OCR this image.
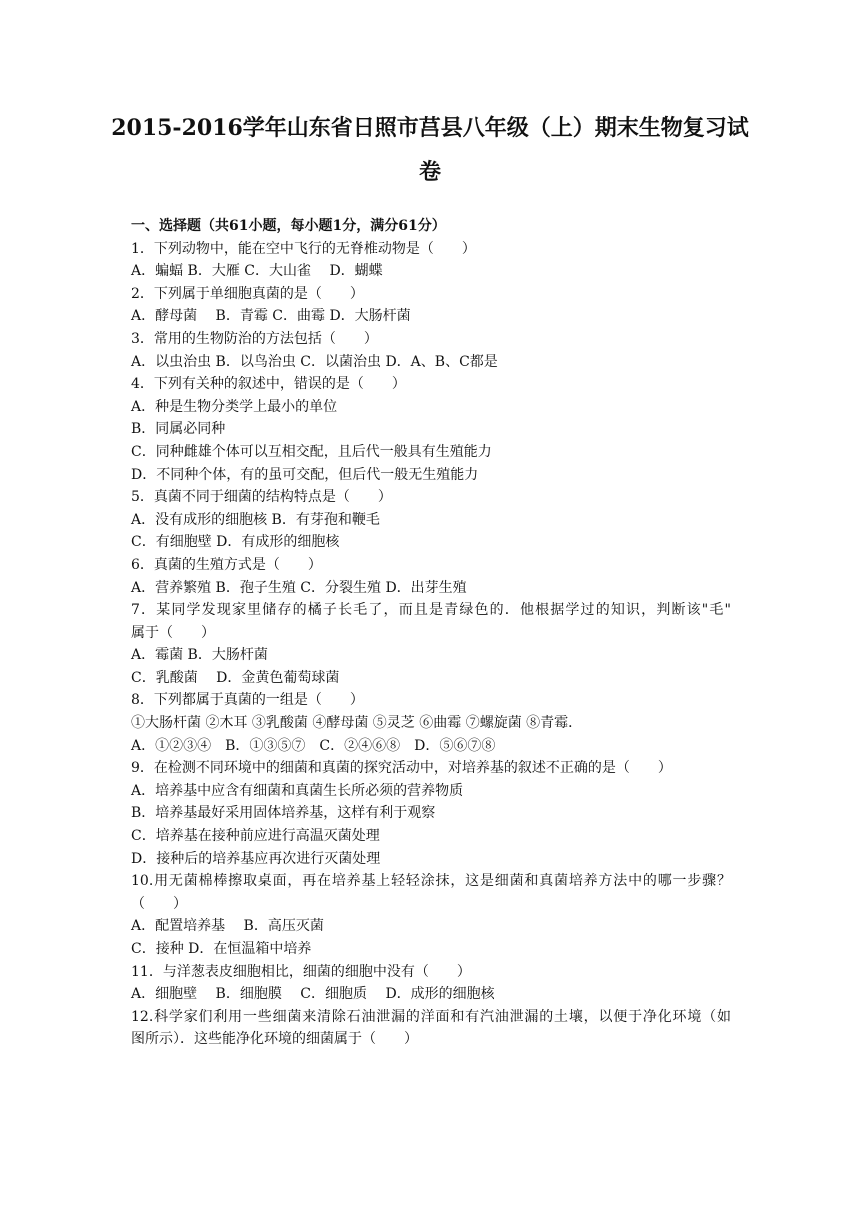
2015-2016学年山东省日照市莒县八年级（上）期末生物复习试
卷
一、选择题（共61小题，每小题1分，满分61分）
1．下列动物中，能在空中飞行的无脊椎动物是（　　）
A．蝙蝠 B．大雁 C．大山雀　 D．蝴蝶
2．下列属于单细胞真菌的是（　　）
A．酵母菌　 B．青霉 C．曲霉 D．大肠杆菌
3．常用的生物防治的方法包括（　　）
A．以虫治虫 B．以鸟治虫 C．以菌治虫 D．A、B、C都是
4．下列有关种的叙述中，错误的是（　　）
A．种是生物分类学上最小的单位
B．同属必同种
C．同种雌雄个体可以互相交配，且后代一般具有生殖能力
D．不同种个体，有的虽可交配，但后代一般无生殖能力
5．真菌不同于细菌的结构特点是（　　）
A．没有成形的细胞核 B．有芽孢和鞭毛
C．有细胞壁 D．有成形的细胞核
6．真菌的生殖方式是（　　）
A．营养繁殖 B．孢子生殖 C．分裂生殖 D．出芽生殖
7．某同学发现家里储存的橘子长毛了，而且是青绿色的．他根据学过的知识，判断该"毛"
属于（　　）
A．霉菌 B．大肠杆菌
C．乳酸菌　 D．金黄色葡萄球菌
8．下列都属于真菌的一组是（　　）
①大肠杆菌 ②木耳 ③乳酸菌 ④酵母菌 ⑤灵芝 ⑥曲霉 ⑦螺旋菌 ⑧青霉．
A．①②③④　B．①③⑤⑦　C．②④⑥⑧　D．⑤⑥⑦⑧
9．在检测不同环境中的细菌和真菌的探究活动中，对培养基的叙述不正确的是（　　）
A．培养基中应含有细菌和真菌生长所必须的营养物质
B．培养基最好采用固体培养基，这样有利于观察
C．培养基在接种前应进行高温灭菌处理
D．接种后的培养基应再次进行灭菌处理
10.用无菌棉棒擦取桌面，再在培养基上轻轻涂抹，这是细菌和真菌培养方法中的哪一步骤？
（　　）
A．配置培养基　 B．高压灭菌
C．接种 D．在恒温箱中培养
11．与洋葱表皮细胞相比，细菌的细胞中没有（　　）
A．细胞壁　 B．细胞膜　 C．细胞质　 D．成形的细胞核
12.科学家们利用一些细菌来清除石油泄漏的洋面和有汽油泄漏的土壤，以便于净化环境（如
图所示）．这些能净化环境的细菌属于（　　）
